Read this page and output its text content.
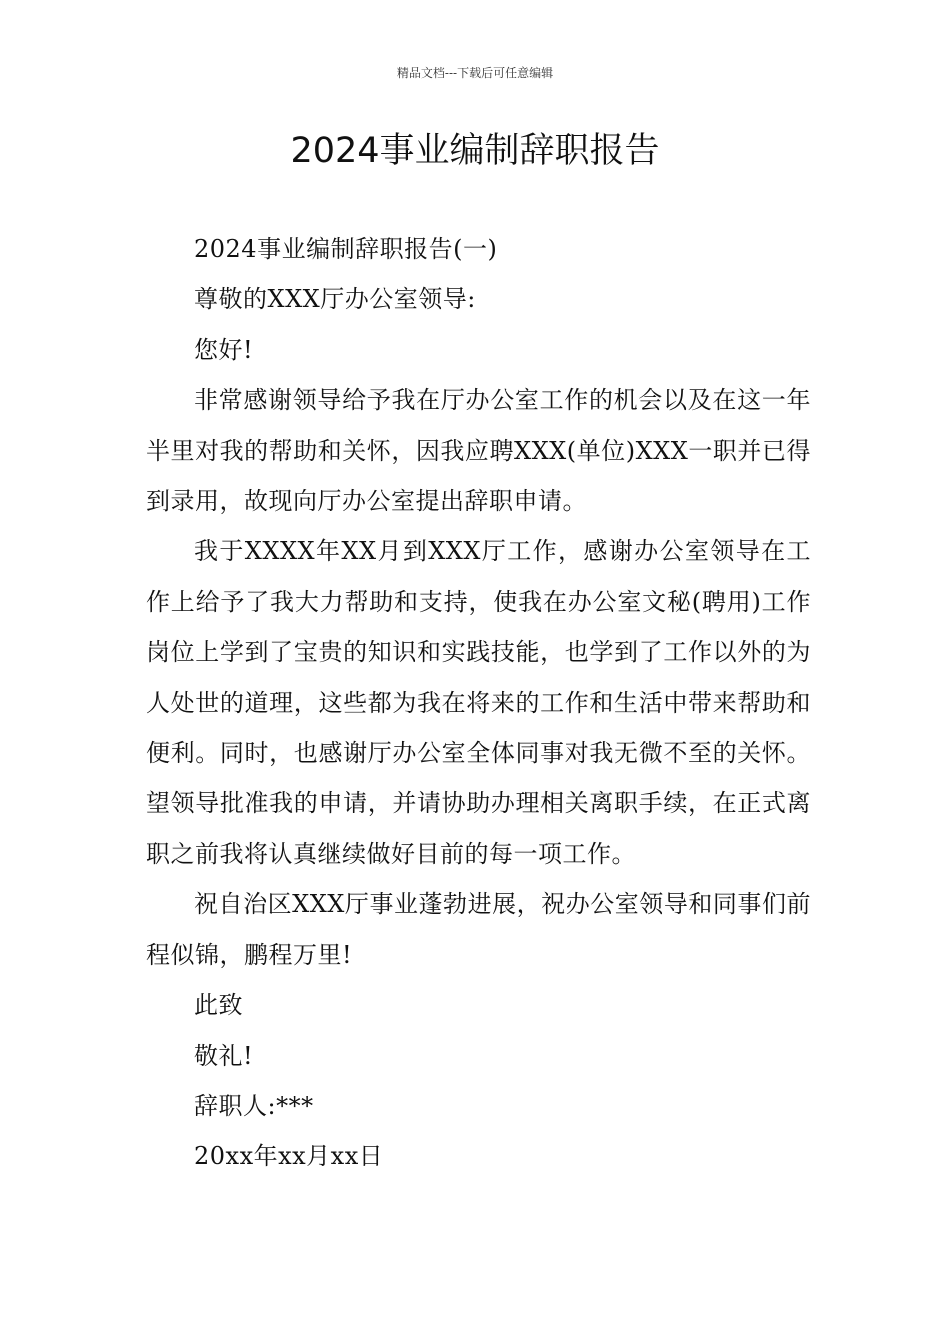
精品文档---下载后可任意编辑
2024事业编制辞职报告

2024事业编制辞职报告(一)

尊敬的XXX厅办公室领导:

您好!

非常感谢领导给予我在厅办公室工作的机会以及在这一年半里对我的帮助和关怀，因我应聘XXX(单位)XXX一职并已得到录用，故现向厅办公室提出辞职申请。

我于XXXX年XX月到XXX厅工作，感谢办公室领导在工作上给予了我大力帮助和支持，使我在办公室文秘(聘用)工作岗位上学到了宝贵的知识和实践技能，也学到了工作以外的为人处世的道理，这些都为我在将来的工作和生活中带来帮助和便利。同时，也感谢厅办公室全体同事对我无微不至的关怀。望领导批准我的申请，并请协助办理相关离职手续，在正式离职之前我将认真继续做好目前的每一项工作。

祝自治区XXX厅事业蓬勃进展，祝办公室领导和同事们前程似锦，鹏程万里!

此致

敬礼!

辞职人:***

20xx年xx月xx日
